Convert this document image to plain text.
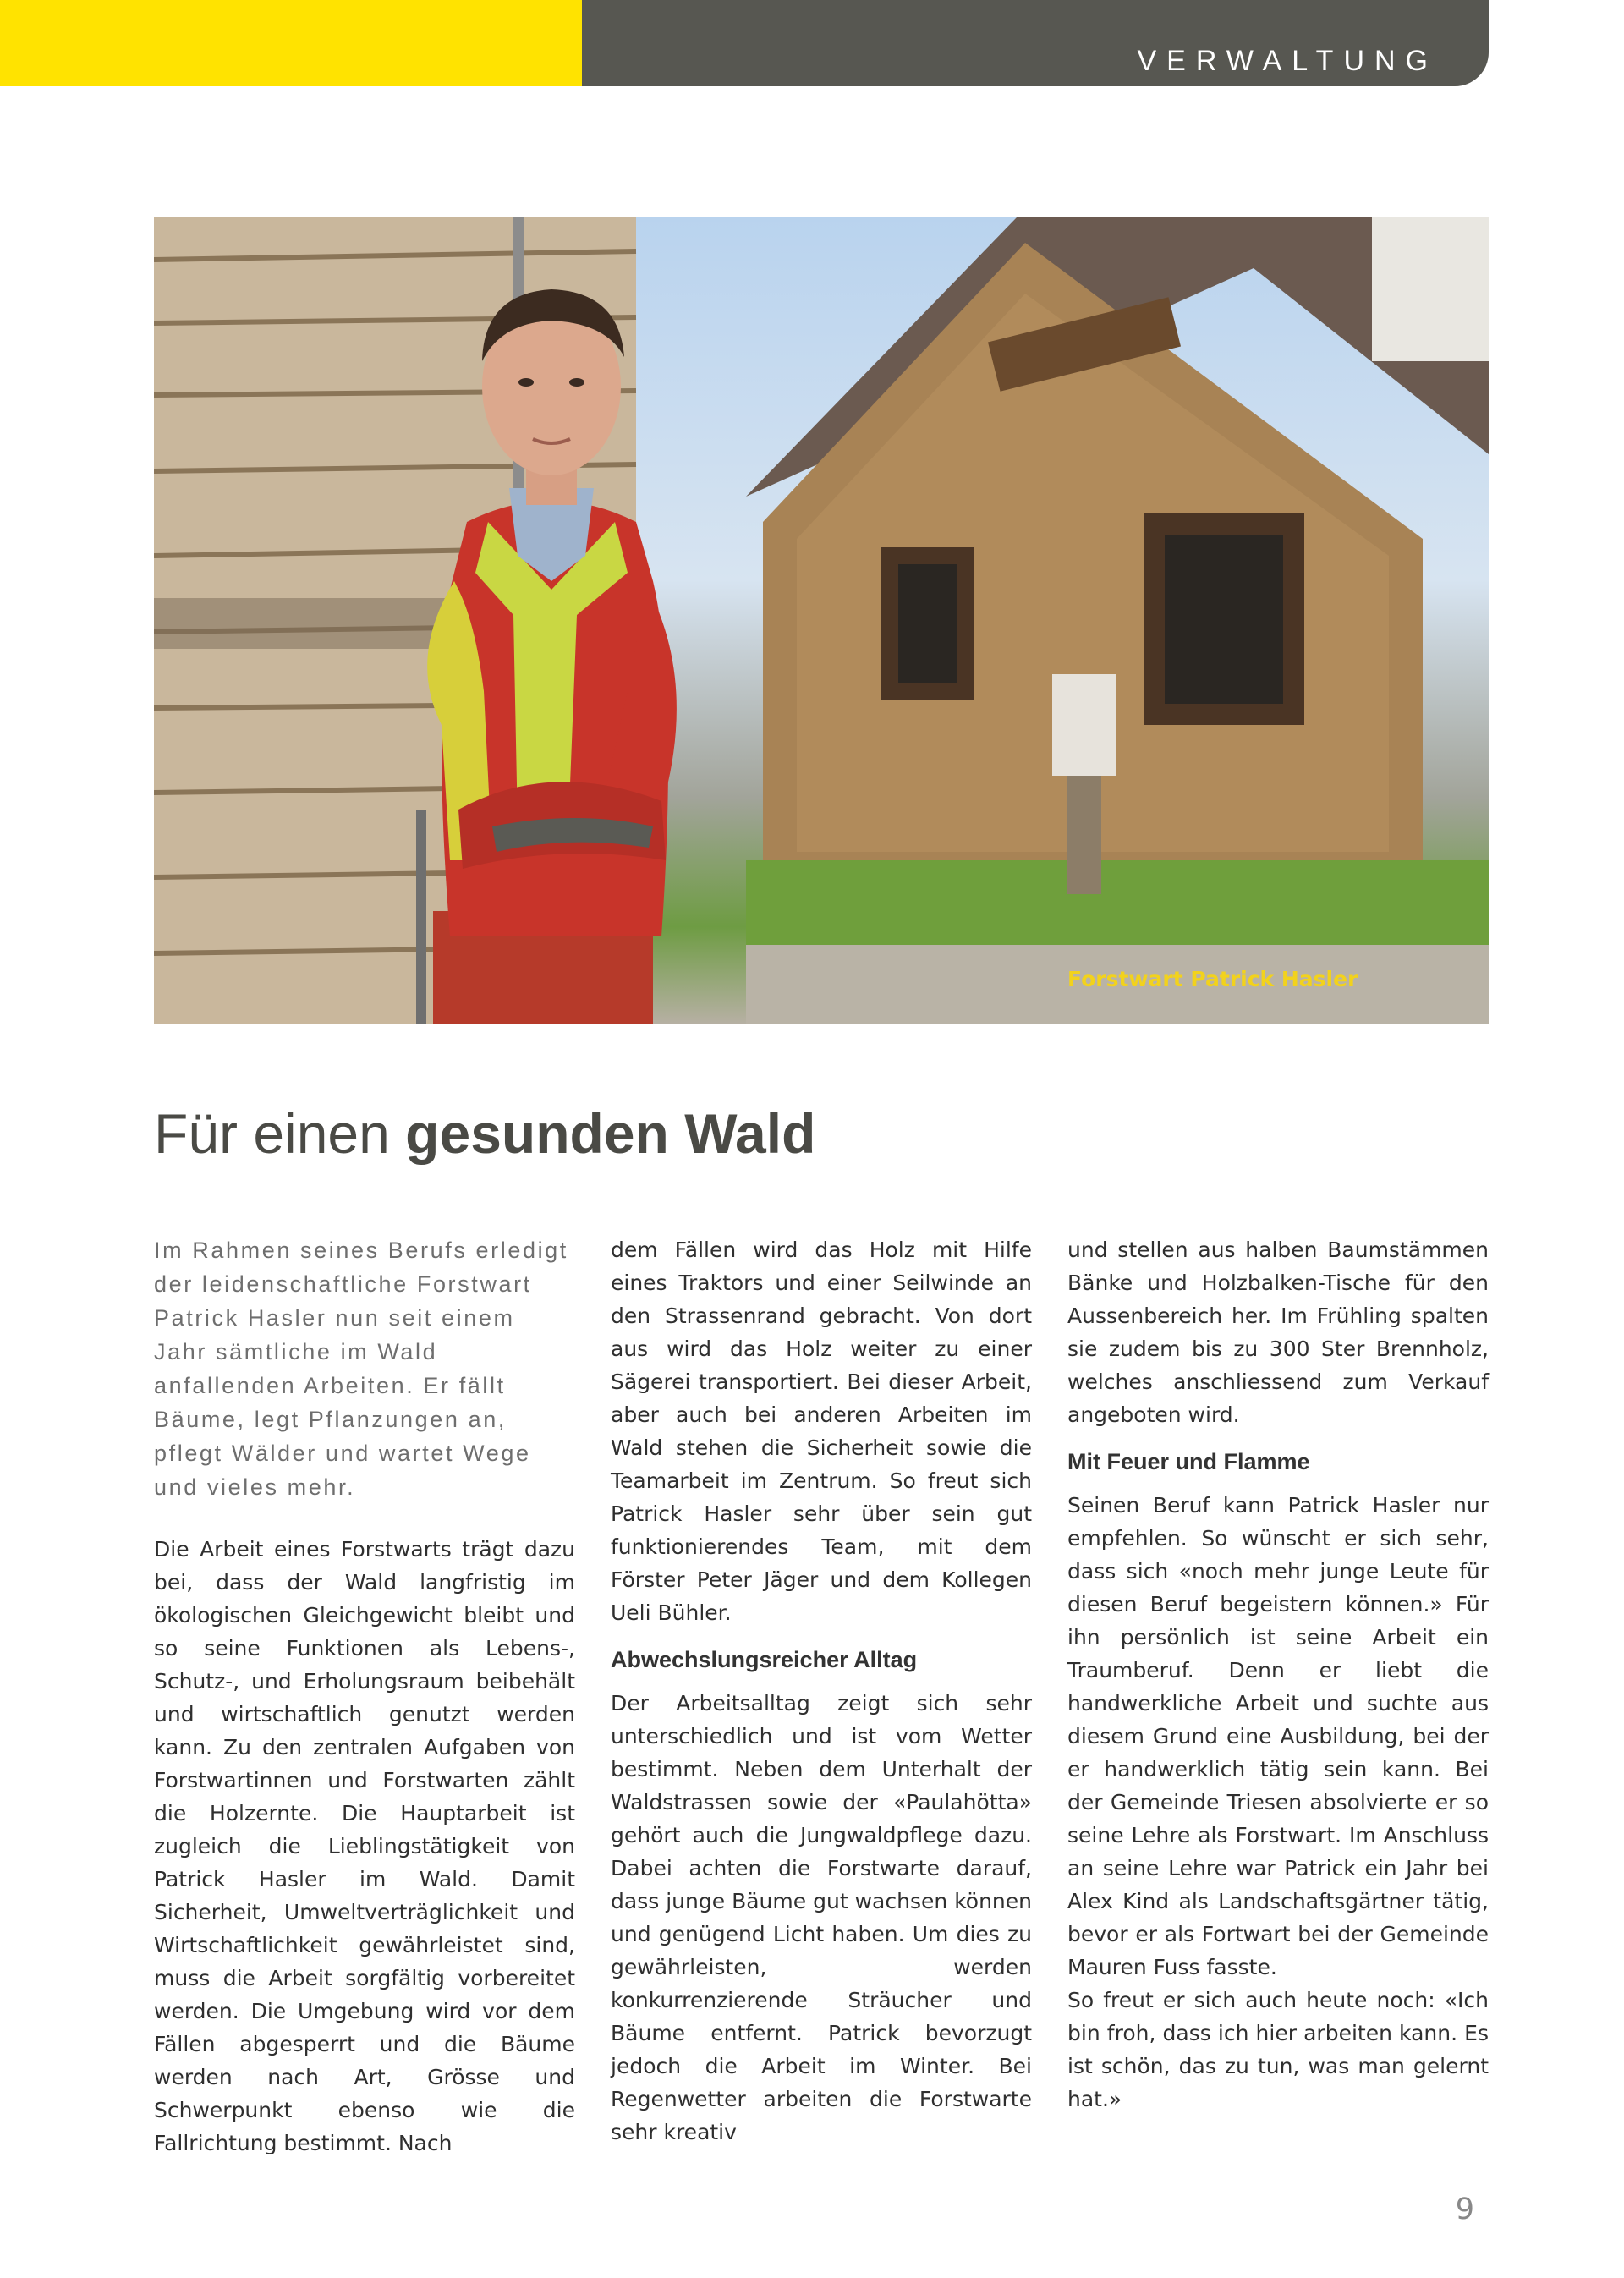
VERWALTUNG
Forstwart Patrick Hasler
Für einen gesunden Wald

Im Rahmen seines Berufs erledigt der leidenschaftliche Forstwart Patrick Hasler nun seit einem Jahr sämtliche im Wald anfallenden Arbeiten. Er fällt Bäume, legt Pflanzungen an, pflegt Wälder und wartet Wege und vieles mehr.

Die Arbeit eines Forstwarts trägt dazu bei, dass der Wald langfristig im ökologischen Gleichgewicht bleibt und so seine Funktionen als Lebens-, Schutz-, und Erholungsraum beibehält und wirtschaftlich genutzt werden kann. Zu den zentralen Aufgaben von Forstwartinnen und Forstwarten zählt die Holzernte. Die Hauptarbeit ist zugleich die Lieblingstätigkeit von Patrick Hasler im Wald. Damit Sicherheit, Umweltverträglichkeit und Wirtschaftlichkeit gewährleistet sind, muss die Arbeit sorgfältig vorbereitet werden. Die Umgebung wird vor dem Fällen abgesperrt und die Bäume werden nach Art, Grösse und Schwerpunkt ebenso wie die Fallrichtung bestimmt. Nach

dem Fällen wird das Holz mit Hilfe eines Traktors und einer Seilwinde an den Strassenrand gebracht. Von dort aus wird das Holz weiter zu einer Sägerei transportiert. Bei dieser Arbeit, aber auch bei anderen Arbeiten im Wald stehen die Sicherheit sowie die Teamarbeit im Zentrum. So freut sich Patrick Hasler sehr über sein gut funktionierendes Team, mit dem Förster Peter Jäger und dem Kollegen Ueli Bühler.

Abwechslungsreicher Alltag

Der Arbeitsalltag zeigt sich sehr unterschiedlich und ist vom Wetter bestimmt. Neben dem Unterhalt der Waldstrassen sowie der «Paulahötta» gehört auch die Jungwaldpflege dazu. Dabei achten die Forstwarte darauf, dass junge Bäume gut wachsen können und genügend Licht haben. Um dies zu gewährleisten, werden konkurrenzierende Sträucher und Bäume entfernt. Patrick bevorzugt jedoch die Arbeit im Winter. Bei Regenwetter arbeiten die Forstwarte sehr kreativ

und stellen aus halben Baumstämmen Bänke und Holzbalken-Tische für den Aussenbereich her. Im Frühling spalten sie zudem bis zu 300 Ster Brennholz, welches anschliessend zum Verkauf angeboten wird.

Mit Feuer und Flamme

Seinen Beruf kann Patrick Hasler nur empfehlen. So wünscht er sich sehr, dass sich «noch mehr junge Leute für diesen Beruf begeistern können.» Für ihn persönlich ist seine Arbeit ein Traumberuf. Denn er liebt die handwerkliche Arbeit und suchte aus diesem Grund eine Ausbildung, bei der er handwerklich tätig sein kann. Bei der Gemeinde Triesen absolvierte er so seine Lehre als Forstwart. Im Anschluss an seine Lehre war Patrick ein Jahr bei Alex Kind als Landschaftsgärtner tätig, bevor er als Fortwart bei der Gemeinde Mauren Fuss fasste.

So freut er sich auch heute noch: «Ich bin froh, dass ich hier arbeiten kann. Es ist schön, das zu tun, was man gelernt hat.»

9
